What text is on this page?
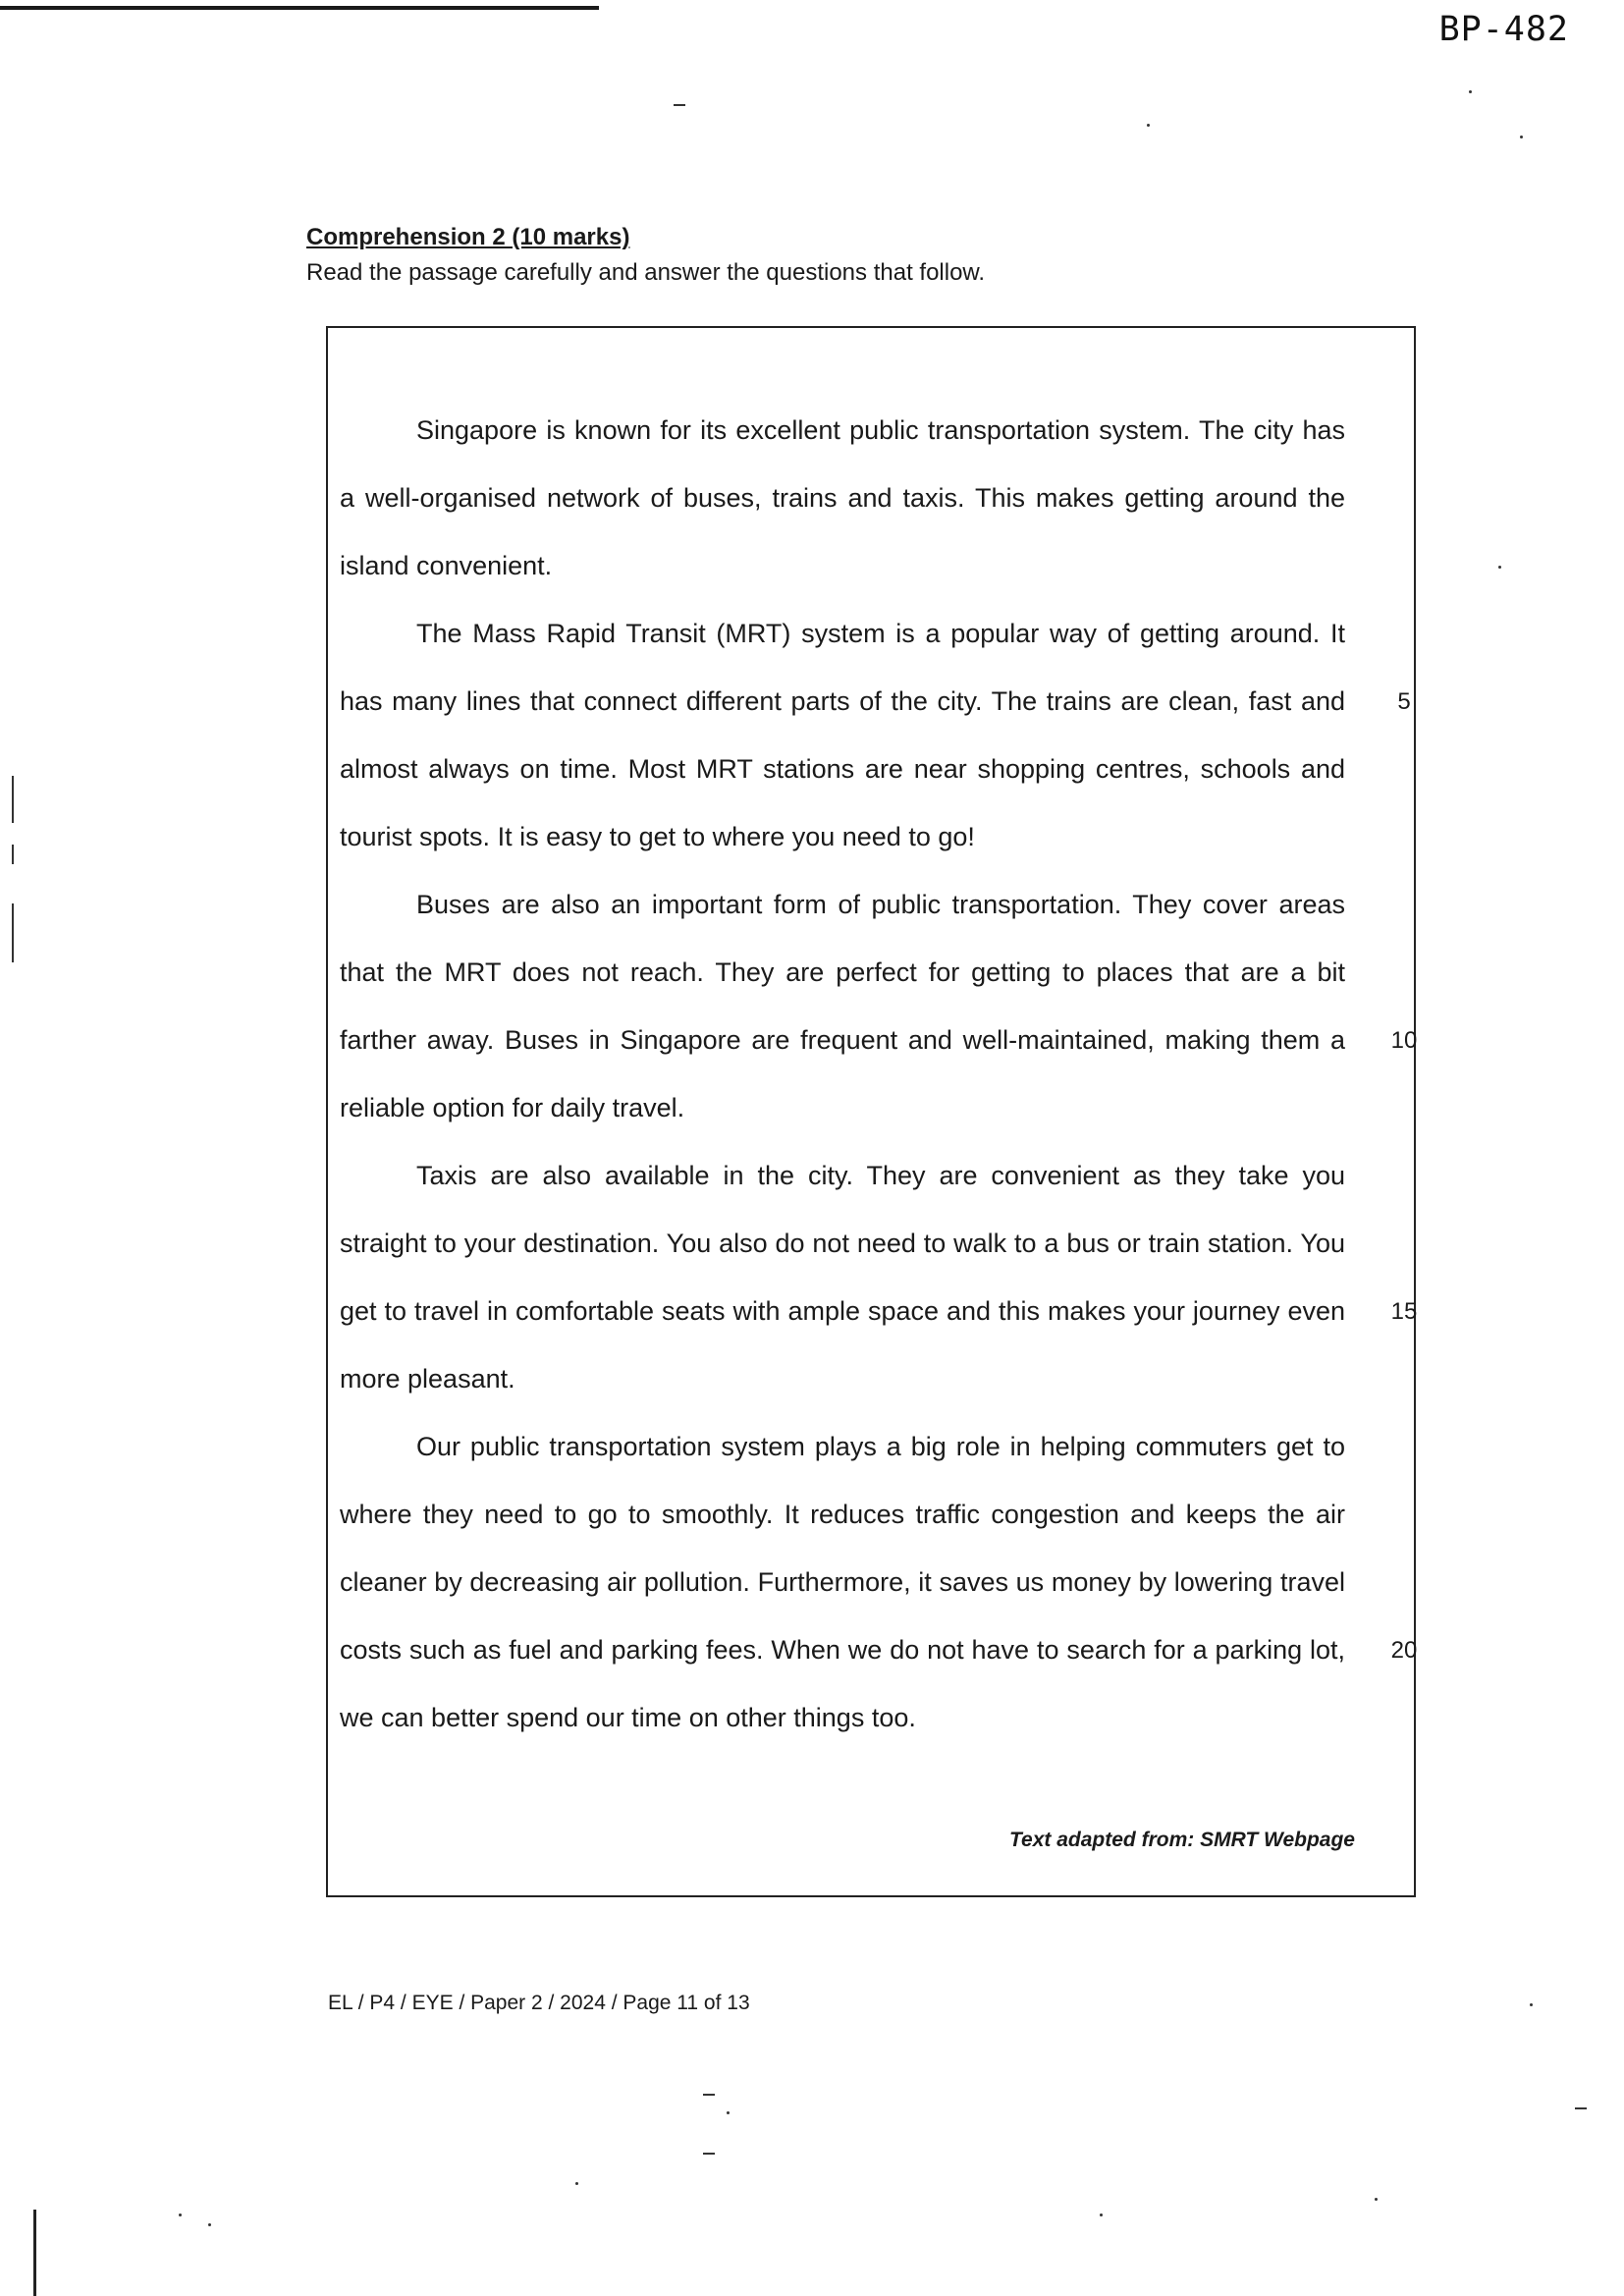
BP-482
Comprehension 2 (10 marks)
Read the passage carefully and answer the questions that follow.

Singapore is known for its excellent public transportation system. The city has a well-organised network of buses, trains and taxis. This makes getting around the island convenient.

The Mass Rapid Transit (MRT) system is a popular way of getting around. It has many lines that connect different parts of the city. The trains are clean, fast and almost always on time. Most MRT stations are near shopping centres, schools and tourist spots. It is easy to get to where you need to go!

Buses are also an important form of public transportation. They cover areas that the MRT does not reach. They are perfect for getting to places that are a bit farther away. Buses in Singapore are frequent and well-maintained, making them a reliable option for daily travel.

Taxis are also available in the city. They are convenient as they take you straight to your destination. You also do not need to walk to a bus or train station. You get to travel in comfortable seats with ample space and this makes your journey even more pleasant.

Our public transportation system plays a big role in helping commuters get to where they need to go to smoothly. It reduces traffic congestion and keeps the air cleaner by decreasing air pollution. Furthermore, it saves us money by lowering travel costs such as fuel and parking fees. When we do not have to search for a parking lot, we can better spend our time on other things too.

5
10
15
20
Text adapted from: SMRT Webpage
EL / P4 / EYE / Paper 2 / 2024 / Page 11 of 13
